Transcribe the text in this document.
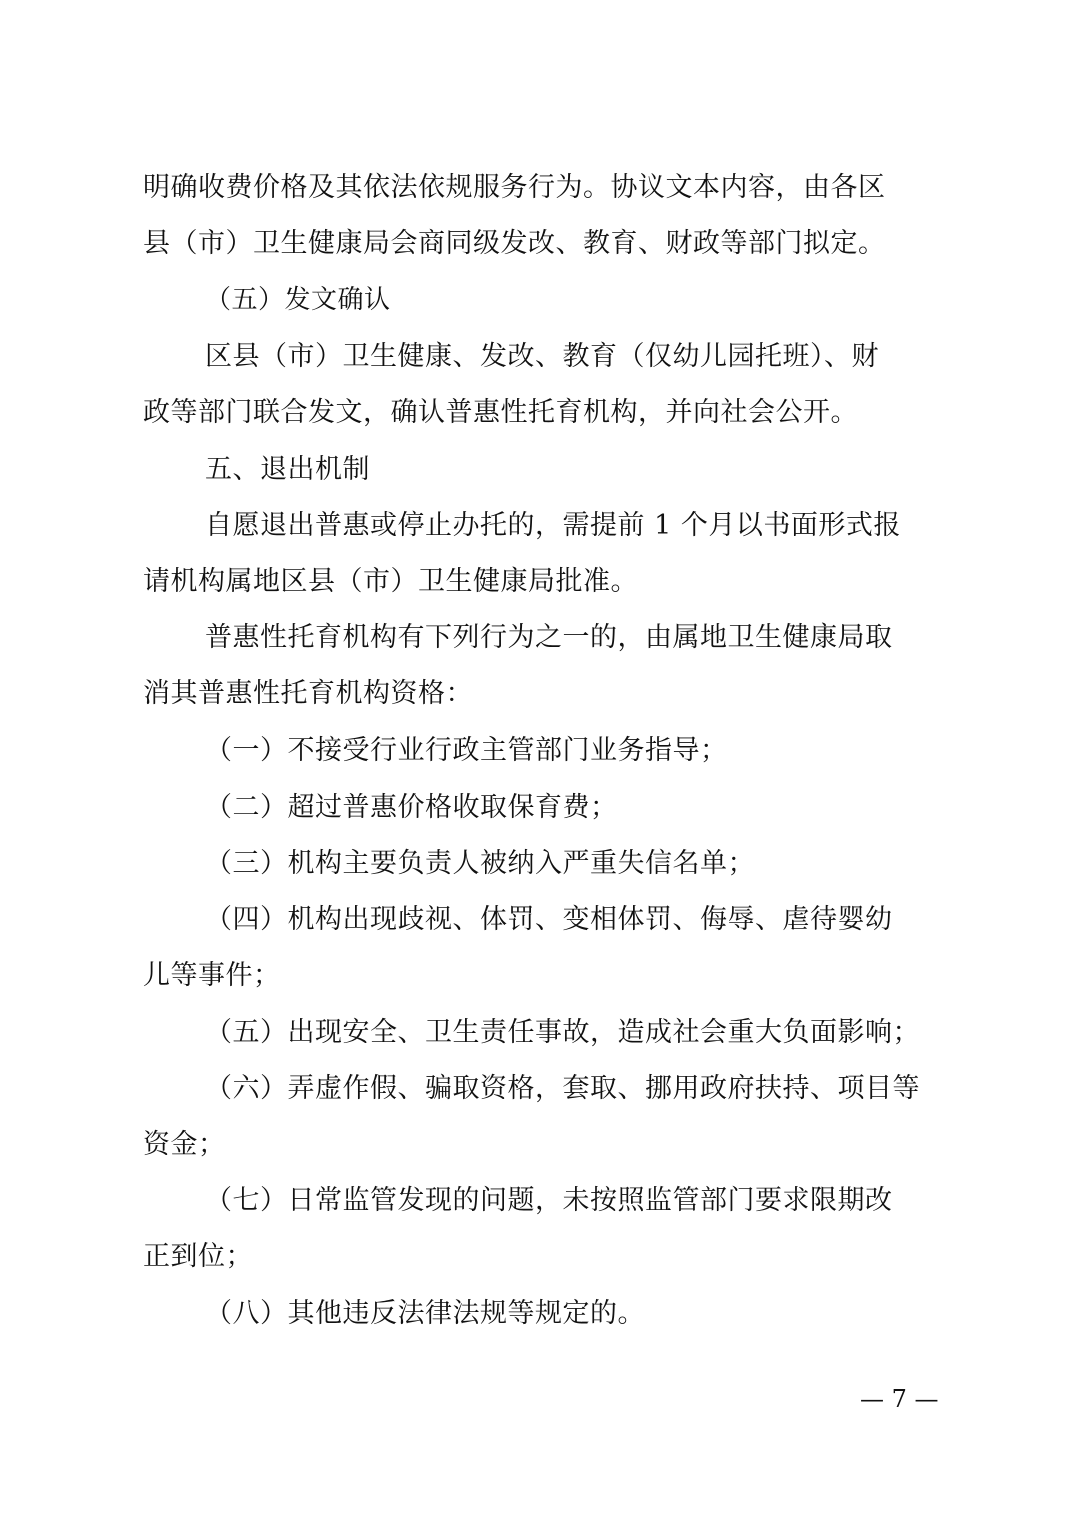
明确收费价格及其依法依规服务行为。协议文本内容，由各区
县（市）卫生健康局会商同级发改、教育、财政等部门拟定。
（五）发文确认
区县（市）卫生健康、发改、教育（仅幼儿园托班）、财
政等部门联合发文，确认普惠性托育机构，并向社会公开。
五、退出机制
自愿退出普惠或停止办托的，需提前 1 个月以书面形式报
请机构属地区县（市）卫生健康局批准。
普惠性托育机构有下列行为之一的，由属地卫生健康局取
消其普惠性托育机构资格：
（一）不接受行业行政主管部门业务指导；
（二）超过普惠价格收取保育费；
（三）机构主要负责人被纳入严重失信名单；
（四）机构出现歧视、体罚、变相体罚、侮辱、虐待婴幼
儿等事件；
（五）出现安全、卫生责任事故，造成社会重大负面影响；
（六）弄虚作假、骗取资格，套取、挪用政府扶持、项目等
资金；
（七）日常监管发现的问题，未按照监管部门要求限期改
正到位；
（八）其他违反法律法规等规定的。
— 7 —
